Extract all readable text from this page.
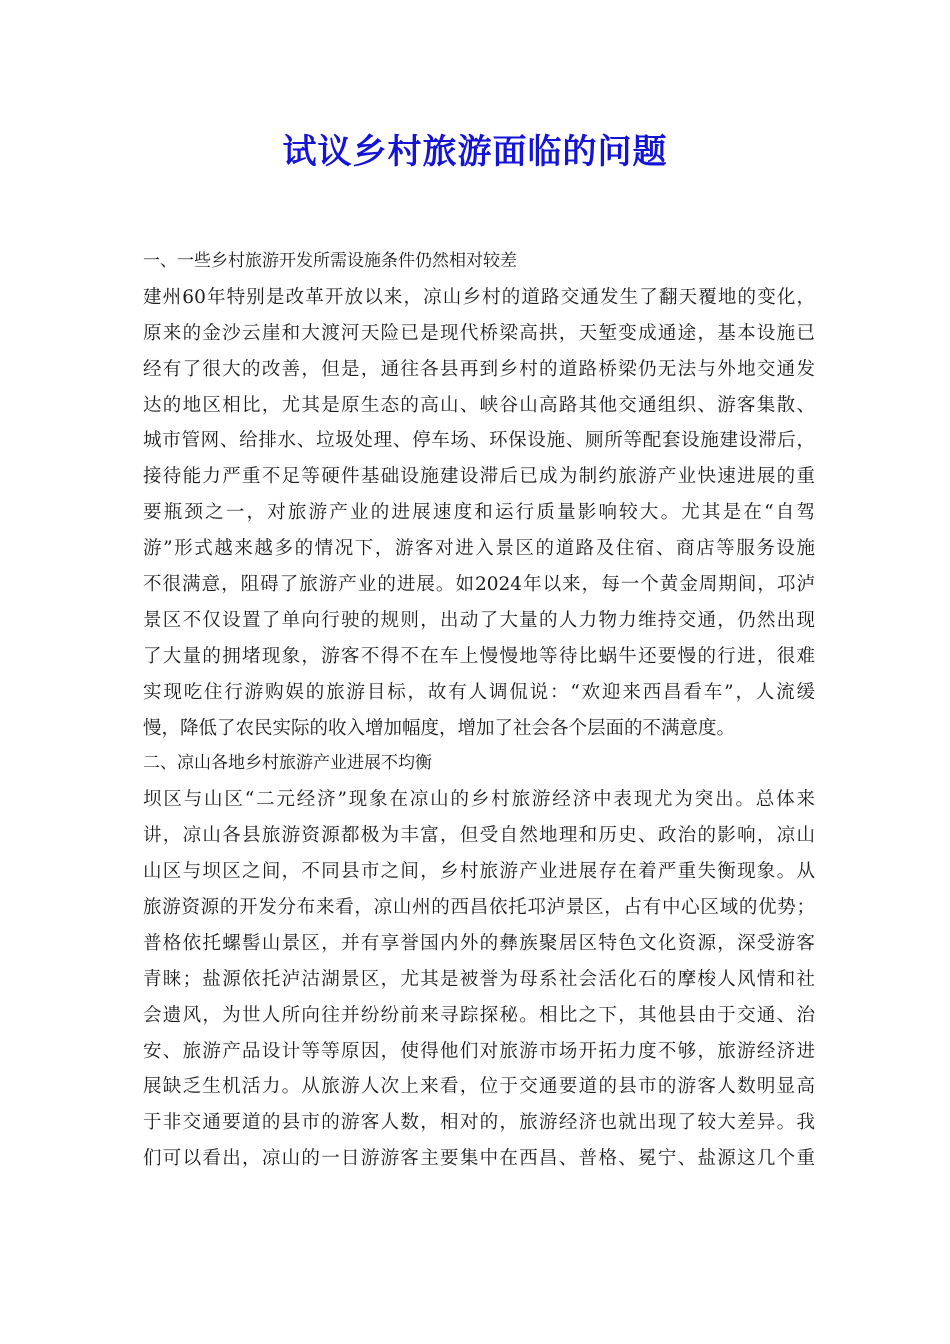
试议乡村旅游面临的问题
一、一些乡村旅游开发所需设施条件仍然相对较差
建州60年特别是改革开放以来，凉山乡村的道路交通发生了翻天覆地的变化，
原来的金沙云崖和大渡河天险已是现代桥梁高拱，天堑变成通途，基本设施已
经有了很大的改善，但是，通往各县再到乡村的道路桥梁仍无法与外地交通发
达的地区相比，尤其是原生态的高山、峡谷山高路其他交通组织、游客集散、
城市管网、给排水、垃圾处理、停车场、环保设施、厕所等配套设施建设滞后，
接待能力严重不足等硬件基础设施建设滞后已成为制约旅游产业快速进展的重
要瓶颈之一，对旅游产业的进展速度和运行质量影响较大。尤其是在“自驾
游”形式越来越多的情况下，游客对进入景区的道路及住宿、商店等服务设施
不很满意，阻碍了旅游产业的进展。如2024年以来，每一个黄金周期间，邛泸
景区不仅设置了单向行驶的规则，出动了大量的人力物力维持交通，仍然出现
了大量的拥堵现象，游客不得不在车上慢慢地等待比蜗牛还要慢的行进，很难
实现吃住行游购娱的旅游目标，故有人调侃说：“欢迎来西昌看车”，人流缓
慢，降低了农民实际的收入增加幅度，增加了社会各个层面的不满意度。
二、凉山各地乡村旅游产业进展不均衡
坝区与山区“二元经济”现象在凉山的乡村旅游经济中表现尤为突出。总体来
讲，凉山各县旅游资源都极为丰富，但受自然地理和历史、政治的影响，凉山
山区与坝区之间，不同县市之间，乡村旅游产业进展存在着严重失衡现象。从
旅游资源的开发分布来看，凉山州的西昌依托邛泸景区，占有中心区域的优势；
普格依托螺髻山景区，并有享誉国内外的彝族聚居区特色文化资源，深受游客
青睐；盐源依托泸沽湖景区，尤其是被誉为母系社会活化石的摩梭人风情和社
会遗风，为世人所向往并纷纷前来寻踪探秘。相比之下，其他县由于交通、治
安、旅游产品设计等等原因，使得他们对旅游市场开拓力度不够，旅游经济进
展缺乏生机活力。从旅游人次上来看，位于交通要道的县市的游客人数明显高
于非交通要道的县市的游客人数，相对的，旅游经济也就出现了较大差异。我
们可以看出，凉山的一日游游客主要集中在西昌、普格、冕宁、盐源这几个重
